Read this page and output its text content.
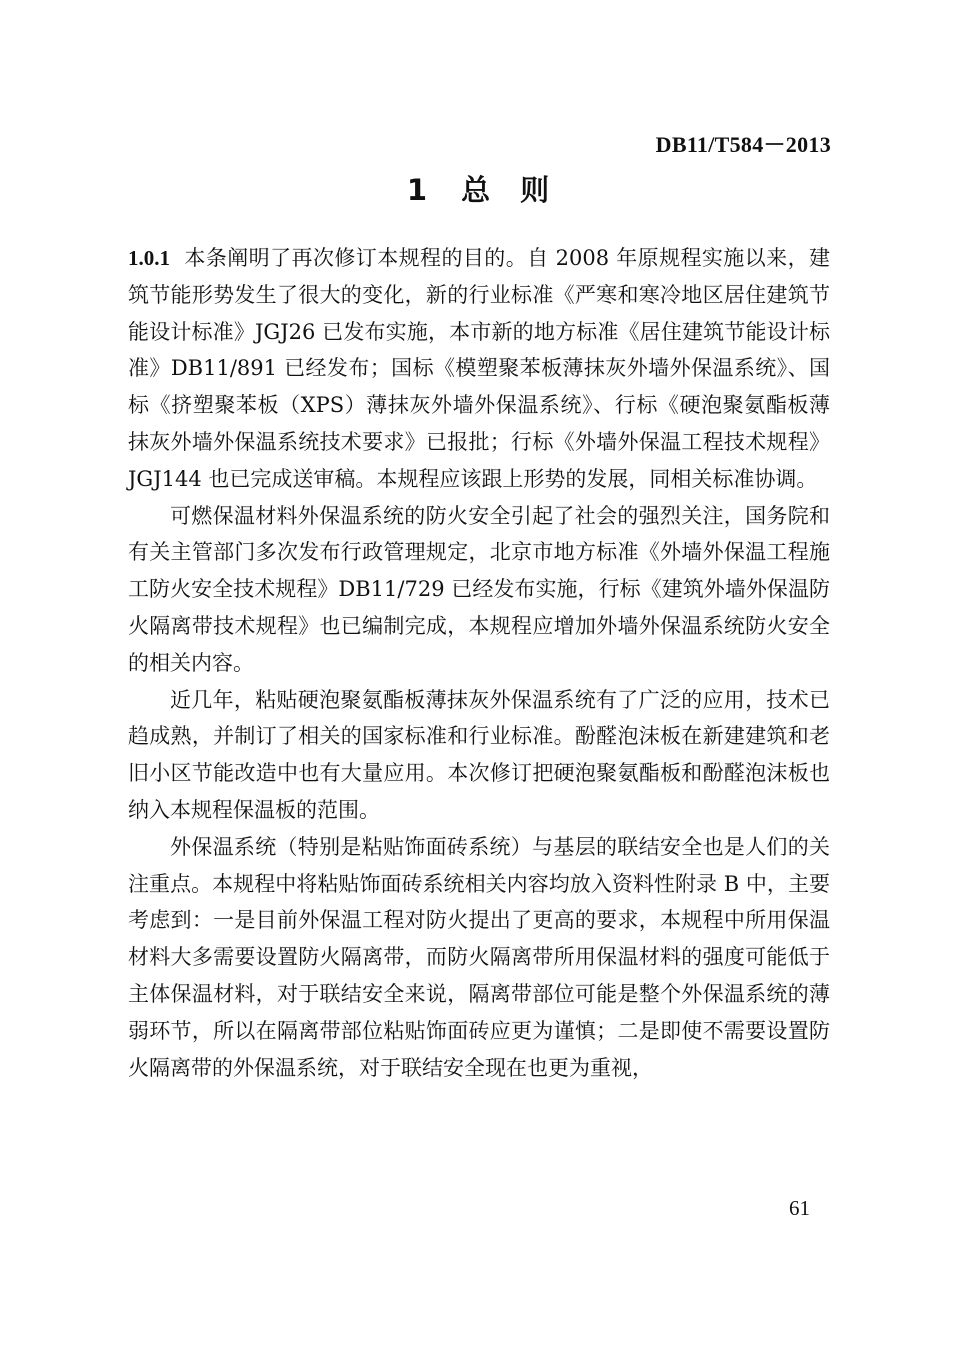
DB11/T584－2013
1 总 则

1.0.1 本条阐明了再次修订本规程的目的。自 2008 年原规程实施以来，建筑节能形势发生了很大的变化，新的行业标准《严寒和寒冷地区居住建筑节能设计标准》JGJ26 已发布实施，本市新的地方标准《居住建筑节能设计标准》DB11/891 已经发布；国标《模塑聚苯板薄抹灰外墙外保温系统》、国标《挤塑聚苯板（XPS）薄抹灰外墙外保温系统》、行标《硬泡聚氨酯板薄抹灰外墙外保温系统技术要求》已报批；行标《外墙外保温工程技术规程》JGJ144 也已完成送审稿。本规程应该跟上形势的发展，同相关标准协调。

可燃保温材料外保温系统的防火安全引起了社会的强烈关注，国务院和有关主管部门多次发布行政管理规定，北京市地方标准《外墙外保温工程施工防火安全技术规程》DB11/729 已经发布实施，行标《建筑外墙外保温防火隔离带技术规程》也已编制完成，本规程应增加外墙外保温系统防火安全的相关内容。

近几年，粘贴硬泡聚氨酯板薄抹灰外保温系统有了广泛的应用，技术已趋成熟，并制订了相关的国家标准和行业标准。酚醛泡沫板在新建建筑和老旧小区节能改造中也有大量应用。本次修订把硬泡聚氨酯板和酚醛泡沫板也纳入本规程保温板的范围。

外保温系统（特别是粘贴饰面砖系统）与基层的联结安全也是人们的关注重点。本规程中将粘贴饰面砖系统相关内容均放入资料性附录 B 中，主要考虑到：一是目前外保温工程对防火提出了更高的要求，本规程中所用保温材料大多需要设置防火隔离带，而防火隔离带所用保温材料的强度可能低于主体保温材料，对于联结安全来说，隔离带部位可能是整个外保温系统的薄弱环节，所以在隔离带部位粘贴饰面砖应更为谨慎；二是即使不需要设置防火隔离带的外保温系统，对于联结安全现在也更为重视，

61
